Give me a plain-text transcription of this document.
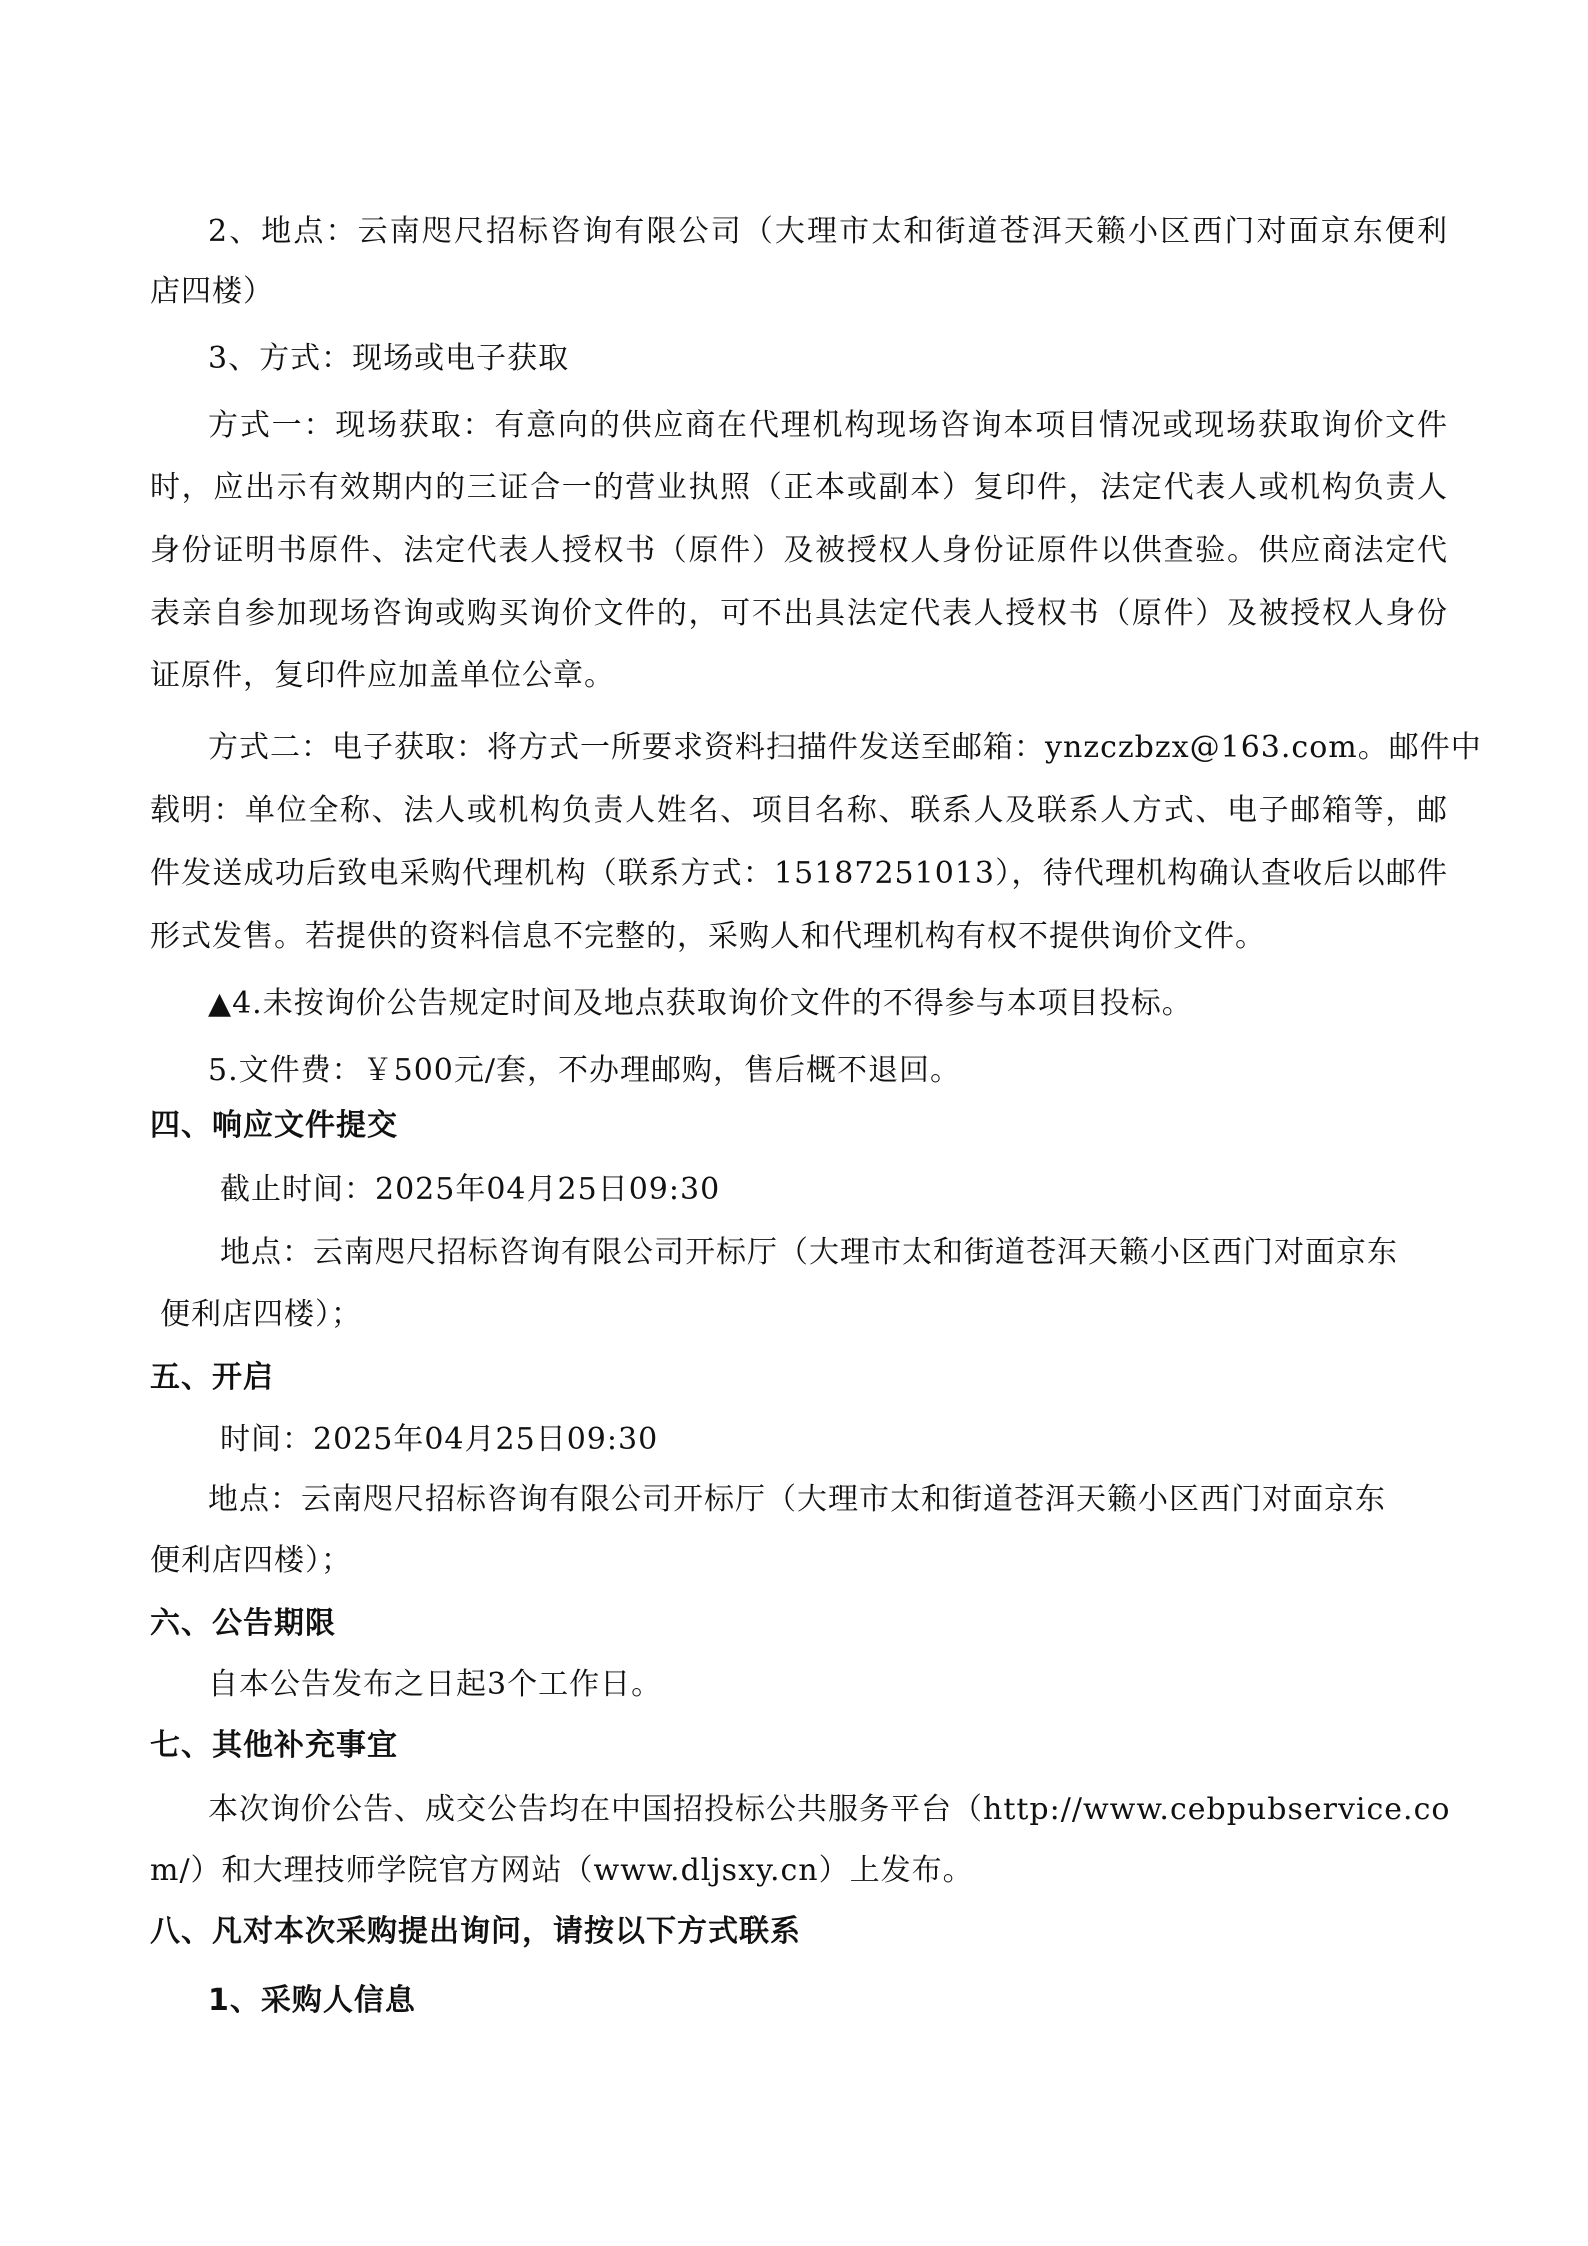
2、地点：云南咫尺招标咨询有限公司（大理市太和街道苍洱天籁小区西门对面京东便利
店四楼）
3、方式：现场或电子获取
方式一：现场获取：有意向的供应商在代理机构现场咨询本项目情况或现场获取询价文件
时，应出示有效期内的三证合一的营业执照（正本或副本）复印件，法定代表人或机构负责人
身份证明书原件、法定代表人授权书（原件）及被授权人身份证原件以供查验。供应商法定代
表亲自参加现场咨询或购买询价文件的，可不出具法定代表人授权书（原件）及被授权人身份
证原件，复印件应加盖单位公章。
方式二：电子获取：将方式一所要求资料扫描件发送至邮箱：ynzczbzx@163.com。邮件中
载明：单位全称、法人或机构负责人姓名、项目名称、联系人及联系人方式、电子邮箱等，邮
件发送成功后致电采购代理机构（联系方式：15187251013），待代理机构确认查收后以邮件
形式发售。若提供的资料信息不完整的，采购人和代理机构有权不提供询价文件。
▲4.未按询价公告规定时间及地点获取询价文件的不得参与本项目投标。
5.文件费：￥500元/套，不办理邮购，售后概不退回。
四、响应文件提交
截止时间：2025年04月25日09:30
地点：云南咫尺招标咨询有限公司开标厅（大理市太和街道苍洱天籁小区西门对面京东
便利店四楼）；
五、开启
时间：2025年04月25日09:30
地点：云南咫尺招标咨询有限公司开标厅（大理市太和街道苍洱天籁小区西门对面京东
便利店四楼）；
六、公告期限
自本公告发布之日起3个工作日。
七、其他补充事宜
本次询价公告、成交公告均在中国招投标公共服务平台（http://www.cebpubservice.co
m/）和大理技师学院官方网站（www.dljsxy.cn）上发布。
八、凡对本次采购提出询问，请按以下方式联系
1、采购人信息
